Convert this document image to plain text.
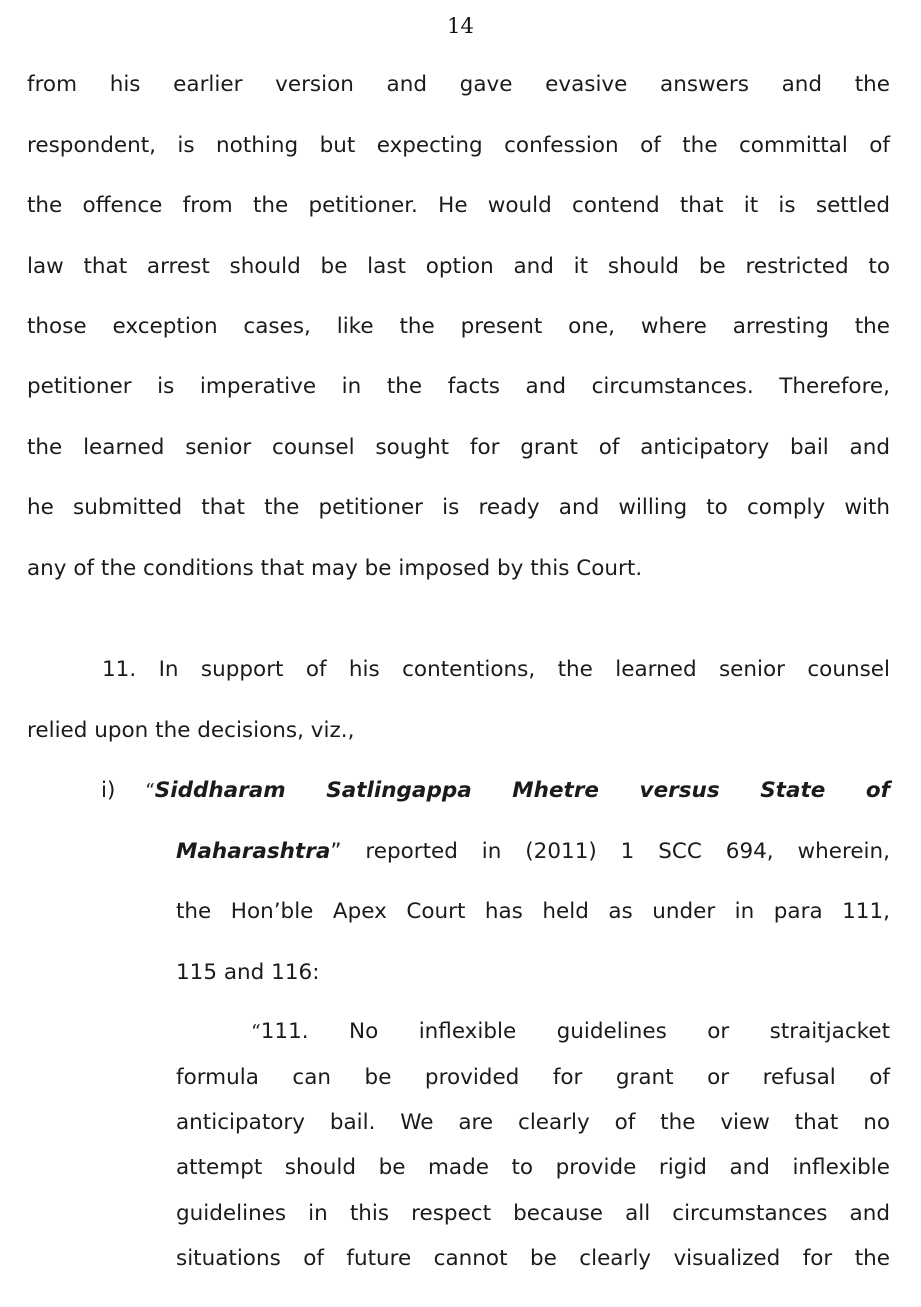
14
from his earlier version and gave evasive answers and the
respondent, is nothing but expecting confession of the committal of
the offence from the petitioner. He would contend that it is settled
law that arrest should be last option and it should be restricted to
those exception cases, like the present one, where arresting the
petitioner is imperative in the facts and circumstances. Therefore,
the learned senior counsel sought for grant of anticipatory bail and
he submitted that the petitioner is ready and willing to comply with
any of the conditions that may be imposed by this Court.
11. In support of his contentions, the learned senior counsel
relied upon the decisions, viz.,
i) “Siddharam Satlingappa Mhetre versus State of
Maharashtra” reported in (2011) 1 SCC 694, wherein,
the Hon’ble Apex Court has held as under in para 111,
115 and 116:
“111. No inflexible guidelines or straitjacket
formula can be provided for grant or refusal of
anticipatory bail. We are clearly of the view that no
attempt should be made to provide rigid and inflexible
guidelines in this respect because all circumstances and
situations of future cannot be clearly visualized for the
